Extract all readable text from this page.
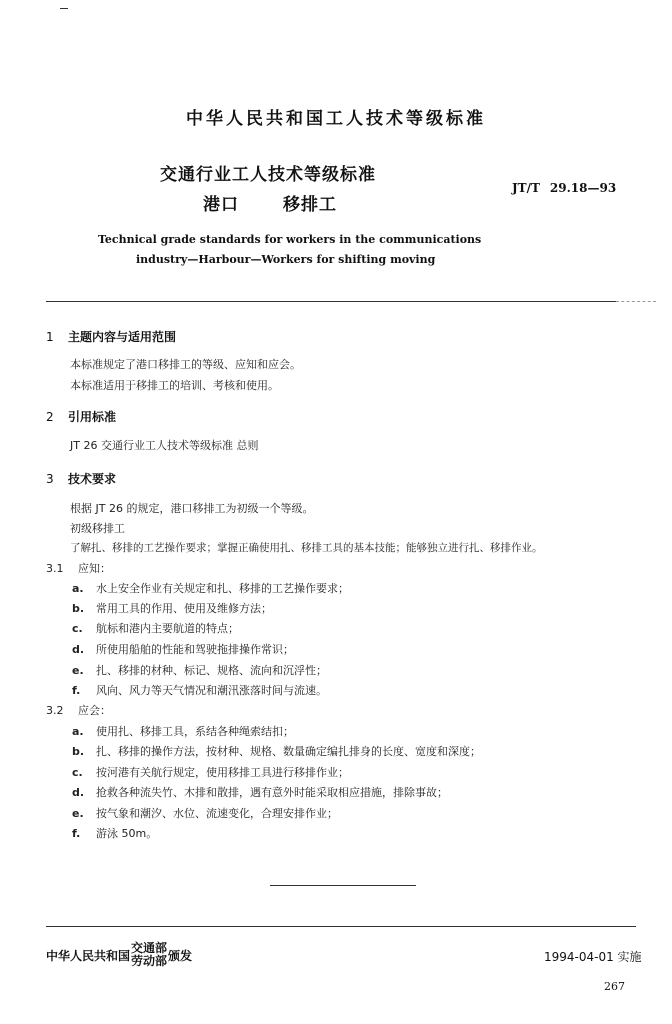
中华人民共和国工人技术等级标准
交通行业工人技术等级标准
港口	移排工
JT/T 29.18—93
Technical grade standards for workers in the communications
industry—Harbour—Workers for shifting moving
1 主题内容与适用范围
本标准规定了港口移排工的等级、应知和应会。
本标准适用于移排工的培训、考核和使用。
2 引用标准
JT 26 交通行业工人技术等级标准 总则
3 技术要求
根据 JT 26 的规定，港口移排工为初级一个等级。
初级移排工
了解扎、移排的工艺操作要求；掌握正确使用扎、移排工具的基本技能；能够独立进行扎、移排作业。
3.1 应知：
a. 水上安全作业有关规定和扎、移排的工艺操作要求；
b. 常用工具的作用、使用及维修方法；
c. 航标和港内主要航道的特点；
d. 所使用船舶的性能和驾驶拖排操作常识；
e. 扎、移排的材种、标记、规格、流向和沉浮性；
f. 风向、风力等天气情况和潮汛涨落时间与流速。
3.2 应会：
a. 使用扎、移排工具，系结各种绳索结扣；
b. 扎、移排的操作方法，按材种、规格、数量确定编扎排身的长度、宽度和深度；
c. 按河港有关航行规定，使用移排工具进行移排作业；
d. 抢救各种流失竹、木排和散排，遇有意外时能采取相应措施，排除事故；
e. 按气象和潮汐、水位、流速变化，合理安排作业；
f. 游泳 50m。
中华人民共和国
交通部
劳动部 颁发	1994-04-01 实施
267
